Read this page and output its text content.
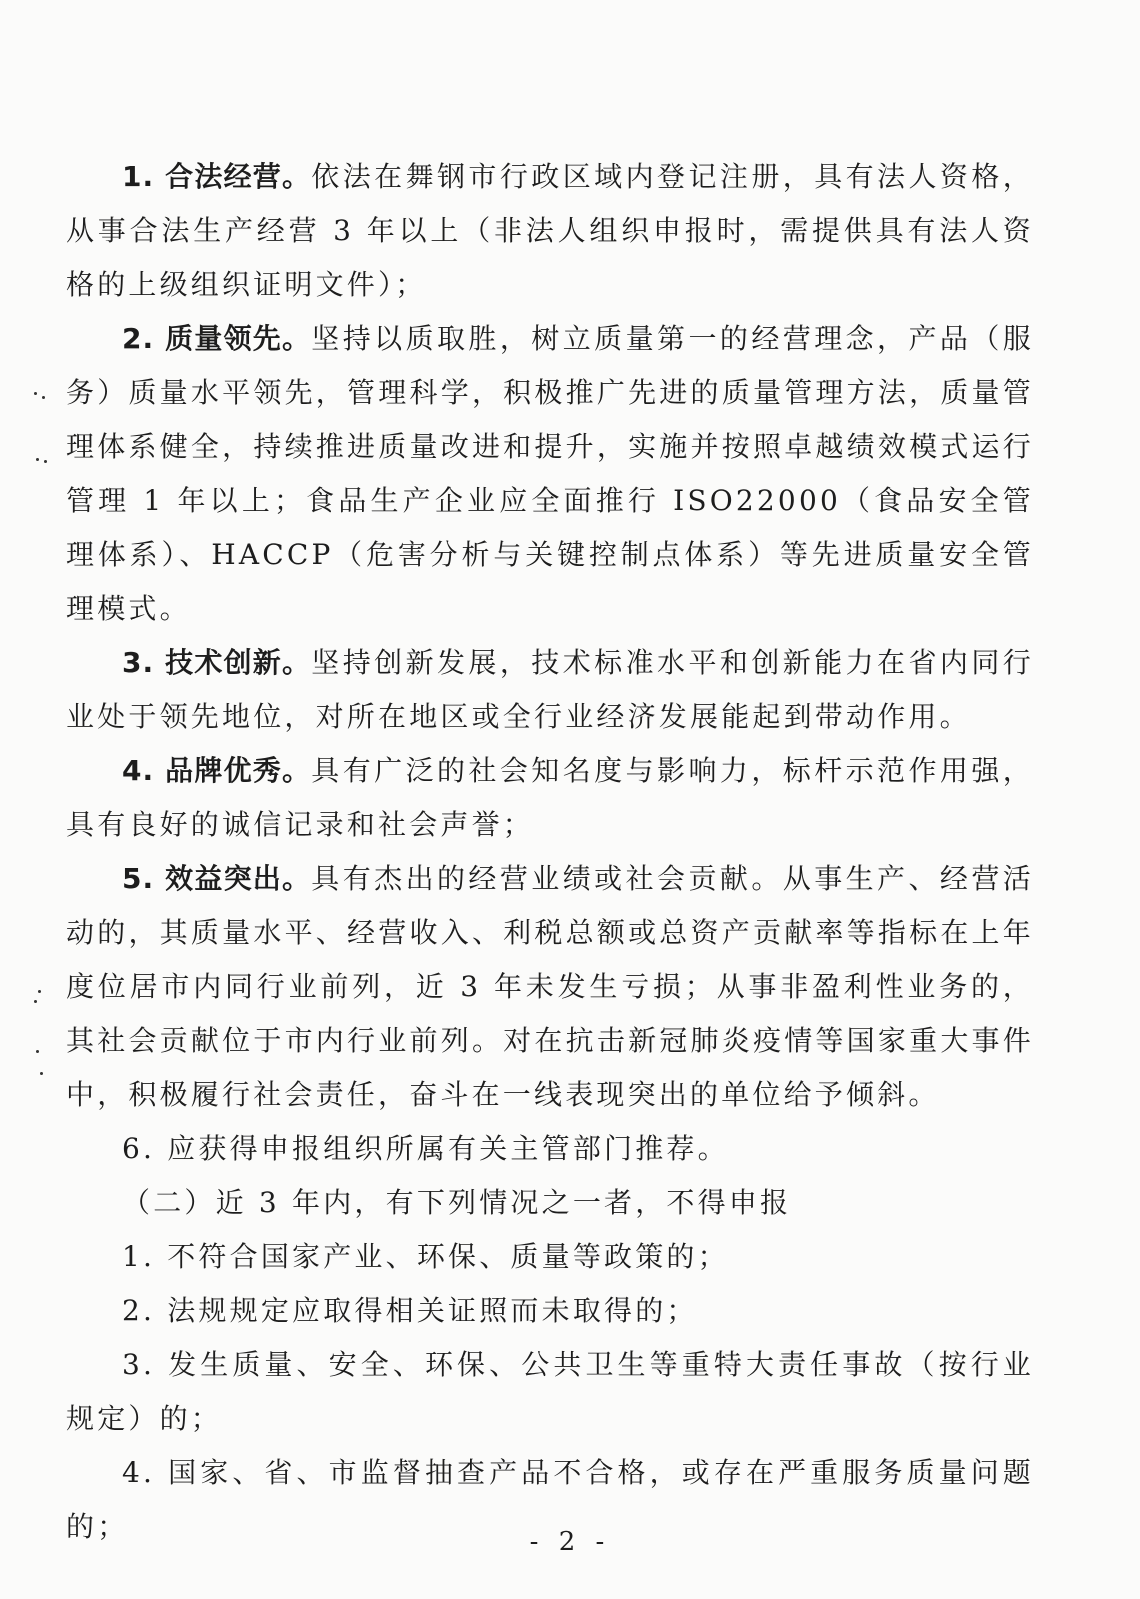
1. 合法经营。依法在舞钢市行政区域内登记注册，具有法人资格，从事合法生产经营 3 年以上（非法人组织申报时，需提供具有法人资格的上级组织证明文件）；

2. 质量领先。坚持以质取胜，树立质量第一的经营理念，产品（服务）质量水平领先，管理科学，积极推广先进的质量管理方法，质量管理体系健全，持续推进质量改进和提升，实施并按照卓越绩效模式运行管理 1 年以上；食品生产企业应全面推行 ISO22000（食品安全管理体系）、HACCP（危害分析与关键控制点体系）等先进质量安全管理模式。

3. 技术创新。坚持创新发展，技术标准水平和创新能力在省内同行业处于领先地位，对所在地区或全行业经济发展能起到带动作用。

4. 品牌优秀。具有广泛的社会知名度与影响力，标杆示范作用强，具有良好的诚信记录和社会声誉；

5. 效益突出。具有杰出的经营业绩或社会贡献。从事生产、经营活动的，其质量水平、经营收入、利税总额或总资产贡献率等指标在上年度位居市内同行业前列，近 3 年未发生亏损；从事非盈利性业务的，其社会贡献位于市内行业前列。对在抗击新冠肺炎疫情等国家重大事件中，积极履行社会责任，奋斗在一线表现突出的单位给予倾斜。

6. 应获得申报组织所属有关主管部门推荐。

（二）近 3 年内，有下列情况之一者，不得申报

1. 不符合国家产业、环保、质量等政策的；

2. 法规规定应取得相关证照而未取得的；

3. 发生质量、安全、环保、公共卫生等重特大责任事故（按行业规定）的；

4. 国家、省、市监督抽查产品不合格，或存在严重服务质量问题的；	- 2 -
